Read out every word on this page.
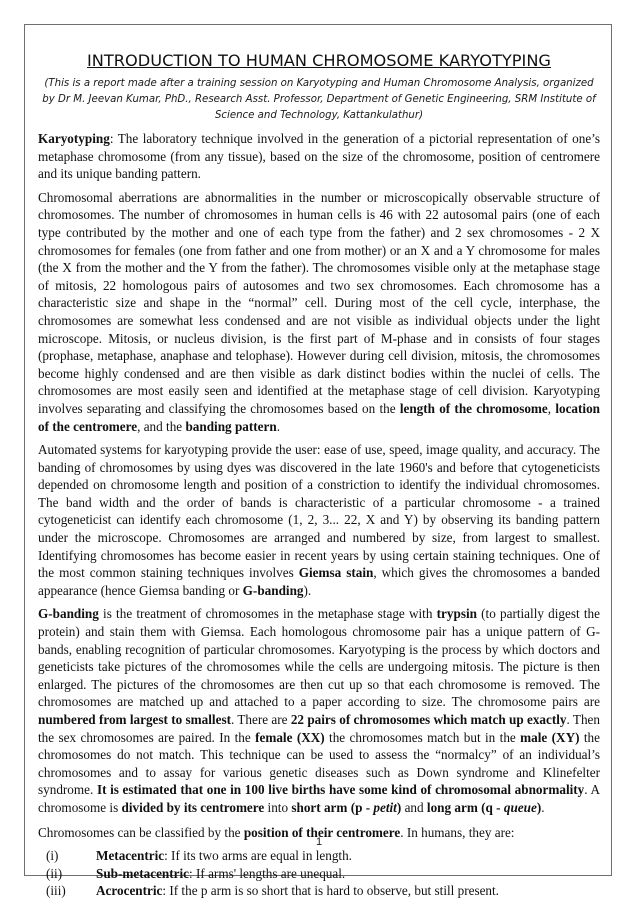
INTRODUCTION TO HUMAN CHROMOSOME KARYOTYPING
(This is a report made after a training session on Karyotyping and Human Chromosome Analysis, organized by Dr M. Jeevan Kumar, PhD., Research Asst. Professor, Department of Genetic Engineering, SRM Institute of Science and Technology, Kattankulathur)

Karyotyping: The laboratory technique involved in the generation of a pictorial representation of one’s metaphase chromosome (from any tissue), based on the size of the chromosome, position of centromere and its unique banding pattern.

Chromosomal aberrations are abnormalities in the number or microscopically observable structure of chromosomes. The number of chromosomes in human cells is 46 with 22 autosomal pairs (one of each type contributed by the mother and one of each type from the father) and 2 sex chromosomes - 2 X chromosomes for females (one from father and one from mother) or an X and a Y chromosome for males (the X from the mother and the Y from the father). The chromosomes visible only at the metaphase stage of mitosis, 22 homologous pairs of autosomes and two sex chromosomes. Each chromosome has a characteristic size and shape in the “normal” cell. During most of the cell cycle, interphase, the chromosomes are somewhat less condensed and are not visible as individual objects under the light microscope. Mitosis, or nucleus division, is the first part of M-phase and in consists of four stages (prophase, metaphase, anaphase and telophase). However during cell division, mitosis, the chromosomes become highly condensed and are then visible as dark distinct bodies within the nuclei of cells. The chromosomes are most easily seen and identified at the metaphase stage of cell division. Karyotyping involves separating and classifying the chromosomes based on the length of the chromosome, location of the centromere, and the banding pattern.

Automated systems for karyotyping provide the user: ease of use, speed, image quality, and accuracy. The banding of chromosomes by using dyes was discovered in the late 1960's and before that cytogeneticists depended on chromosome length and position of a constriction to identify the individual chromosomes. The band width and the order of bands is characteristic of a particular chromosome - a trained cytogeneticist can identify each chromosome (1, 2, 3... 22, X and Y) by observing its banding pattern under the microscope. Chromosomes are arranged and numbered by size, from largest to smallest. Identifying chromosomes has become easier in recent years by using certain staining techniques. One of the most common staining techniques involves Giemsa stain, which gives the chromosomes a banded appearance (hence Giemsa banding or G-banding).

G-banding is the treatment of chromosomes in the metaphase stage with trypsin (to partially digest the protein) and stain them with Giemsa. Each homologous chromosome pair has a unique pattern of G-bands, enabling recognition of particular chromosomes. Karyotyping is the process by which doctors and geneticists take pictures of the chromosomes while the cells are undergoing mitosis. The picture is then enlarged. The pictures of the chromosomes are then cut up so that each chromosome is removed. The chromosomes are matched up and attached to a paper according to size. The chromosome pairs are numbered from largest to smallest. There are 22 pairs of chromosomes which match up exactly. Then the sex chromosomes are paired. In the female (XX) the chromosomes match but in the male (XY) the chromosomes do not match. This technique can be used to assess the “normalcy” of an individual’s chromosomes and to assay for various genetic diseases such as Down syndrome and Klinefelter syndrome. It is estimated that one in 100 live births have some kind of chromosomal abnormality. A chromosome is divided by its centromere into short arm (p - petit) and long arm (q - queue).

Chromosomes can be classified by the position of their centromere. In humans, they are:

(i)	Metacentric: If its two arms are equal in length.
(ii)	Sub-metacentric: If arms' lengths are unequal.
(iii)	Acrocentric: If the p arm is so short that is hard to observe, but still present.
1
